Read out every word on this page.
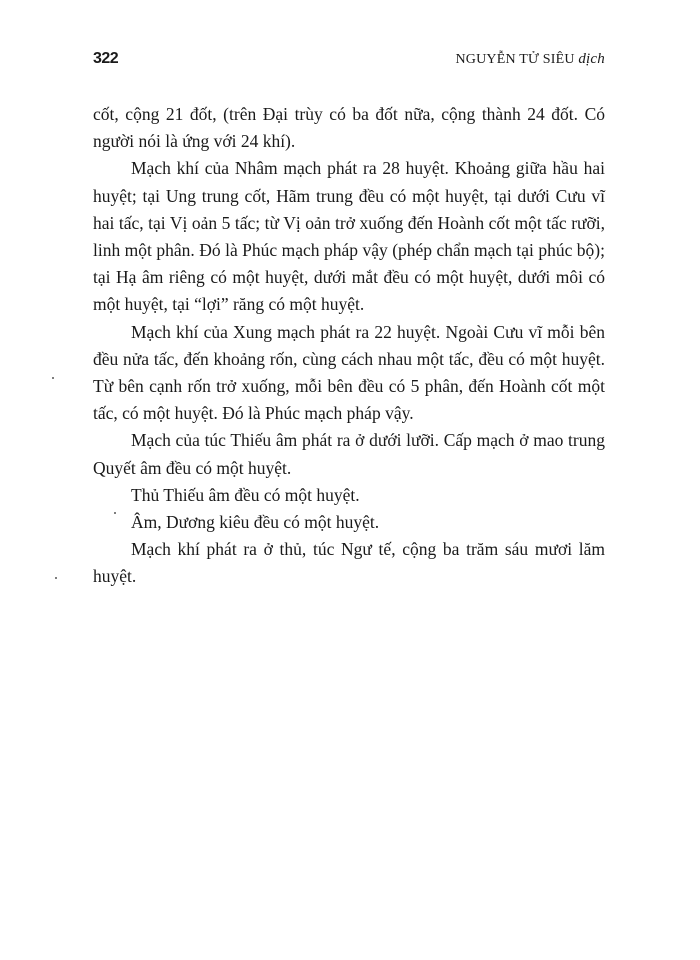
322	NGUYỄN TỬ SIÊU dịch

cốt, cộng 21 đốt, (trên Đại trùy có ba đốt nữa, cộng thành 24 đốt. Có người nói là ứng với 24 khí).

Mạch khí của Nhâm mạch phát ra 28 huyệt. Khoảng giữa hầu hai huyệt; tại Ung trung cốt, Hãm trung đều có một huyệt, tại dưới Cưu vĩ hai tấc, tại Vị oản 5 tấc; từ Vị oản trở xuống đến Hoành cốt một tấc rưỡi, linh một phân. Đó là Phúc mạch pháp vậy (phép chẩn mạch tại phúc bộ); tại Hạ âm riêng có một huyệt, dưới mắt đều có một huyệt, dưới môi có một huyệt, tại “lợi” răng có một huyệt.

Mạch khí của Xung mạch phát ra 22 huyệt. Ngoài Cưu vĩ mỗi bên đều nửa tấc, đến khoảng rốn, cùng cách nhau một tấc, đều có một huyệt. Từ bên cạnh rốn trở xuống, mỗi bên đều có 5 phân, đến Hoành cốt một tấc, có một huyệt. Đó là Phúc mạch pháp vậy.

Mạch của túc Thiếu âm phát ra ở dưới lưỡi. Cấp mạch ở mao trung Quyết âm đều có một huyệt.

Thủ Thiếu âm đều có một huyệt.

Âm, Dương kiêu đều có một huyệt.

Mạch khí phát ra ở thủ, túc Ngư tế, cộng ba trăm sáu mươi lăm huyệt.
